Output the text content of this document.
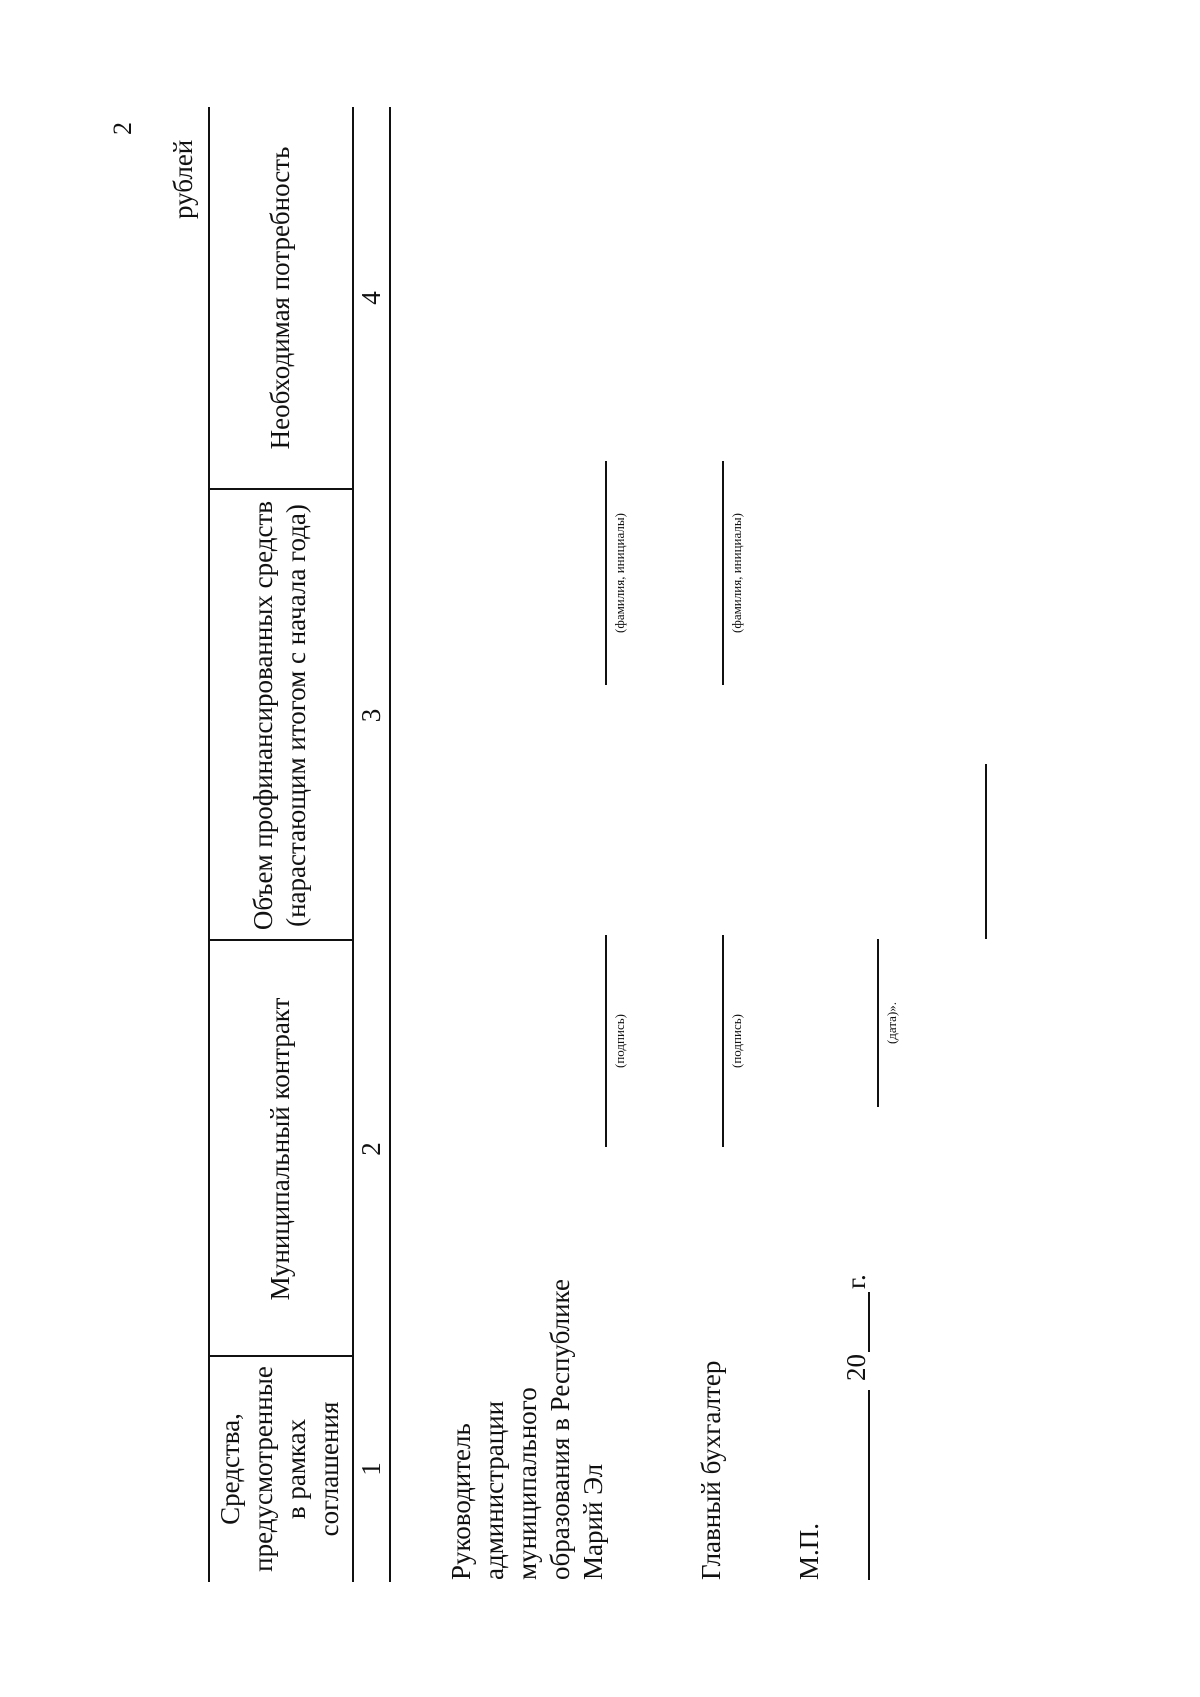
2
рублей
Средства, предусмотренные в рамках соглашения
Муниципальный контракт
Объем профинансированных средств (нарастающим итогом с начала года)
Необходимая потребность
1
2
3
4
Руководитель администрации муниципального образования в Республике Марий Эл
(подпись)
(фамилия, инициалы)
Главный бухгалтер
(подпись)
(фамилия, инициалы)
М.П.
20
г.
(дата)».
